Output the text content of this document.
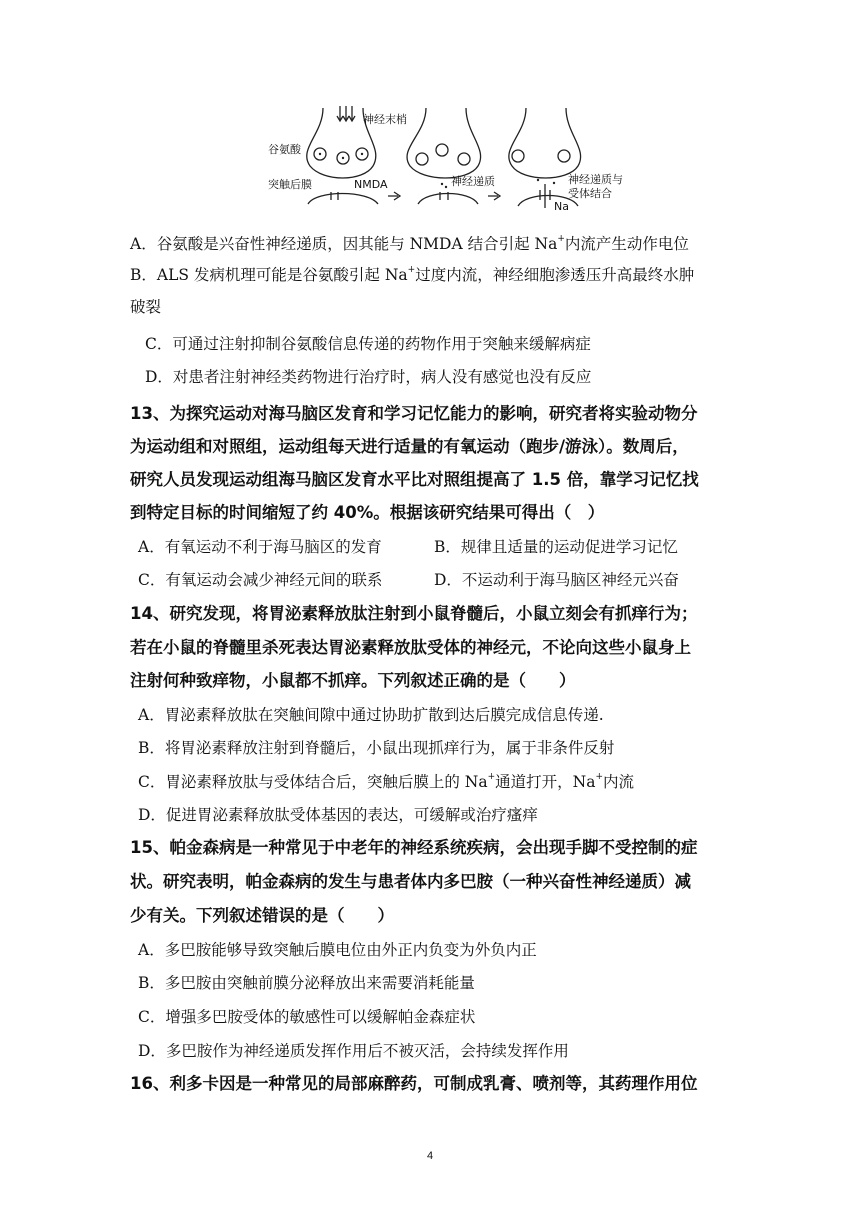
神经末梢
谷氨酸
突触后膜	NMDA	神经递质	神经递质与
受体结合
Na
A．谷氨酸是兴奋性神经递质，因其能与 NMDA 结合引起 Na+内流产生动作电位
B．ALS 发病机理可能是谷氨酸引起 Na+过度内流，神经细胞渗透压升高最终水肿
破裂
C．可通过注射抑制谷氨酸信息传递的药物作用于突触来缓解病症
D．对患者注射神经类药物进行治疗时，病人没有感觉也没有反应
13、为探究运动对海马脑区发育和学习记忆能力的影响，研究者将实验动物分
为运动组和对照组，运动组每天进行适量的有氧运动（跑步/游泳）。数周后，
研究人员发现运动组海马脑区发育水平比对照组提高了 1.5 倍，靠学习记忆找
到特定目标的时间缩短了约 40%。根据该研究结果可得出（　）
A．有氧运动不利于海马脑区的发育	B．规律且适量的运动促进学习记忆
C．有氧运动会减少神经元间的联系	D．不运动利于海马脑区神经元兴奋
14、研究发现，将胃泌素释放肽注射到小鼠脊髓后，小鼠立刻会有抓痒行为；
若在小鼠的脊髓里杀死表达胃泌素释放肽受体的神经元，不论向这些小鼠身上
注射何种致痒物，小鼠都不抓痒。下列叙述正确的是（　　）
A．胃泌素释放肽在突触间隙中通过协助扩散到达后膜完成信息传递.
B．将胃泌素释放注射到脊髓后，小鼠出现抓痒行为，属于非条件反射
C．胃泌素释放肽与受体结合后，突触后膜上的 Na+通道打开，Na+内流
D．促进胃泌素释放肽受体基因的表达，可缓解或治疗瘙痒
15、帕金森病是一种常见于中老年的神经系统疾病，会出现手脚不受控制的症
状。研究表明，帕金森病的发生与患者体内多巴胺（一种兴奋性神经递质）减
少有关。下列叙述错误的是（　　）
A．多巴胺能够导致突触后膜电位由外正内负变为外负内正
B．多巴胺由突触前膜分泌释放出来需要消耗能量
C．增强多巴胺受体的敏感性可以缓解帕金森症状
D．多巴胺作为神经递质发挥作用后不被灭活，会持续发挥作用
16、利多卡因是一种常见的局部麻醉药，可制成乳膏、喷剂等，其药理作用位
4
